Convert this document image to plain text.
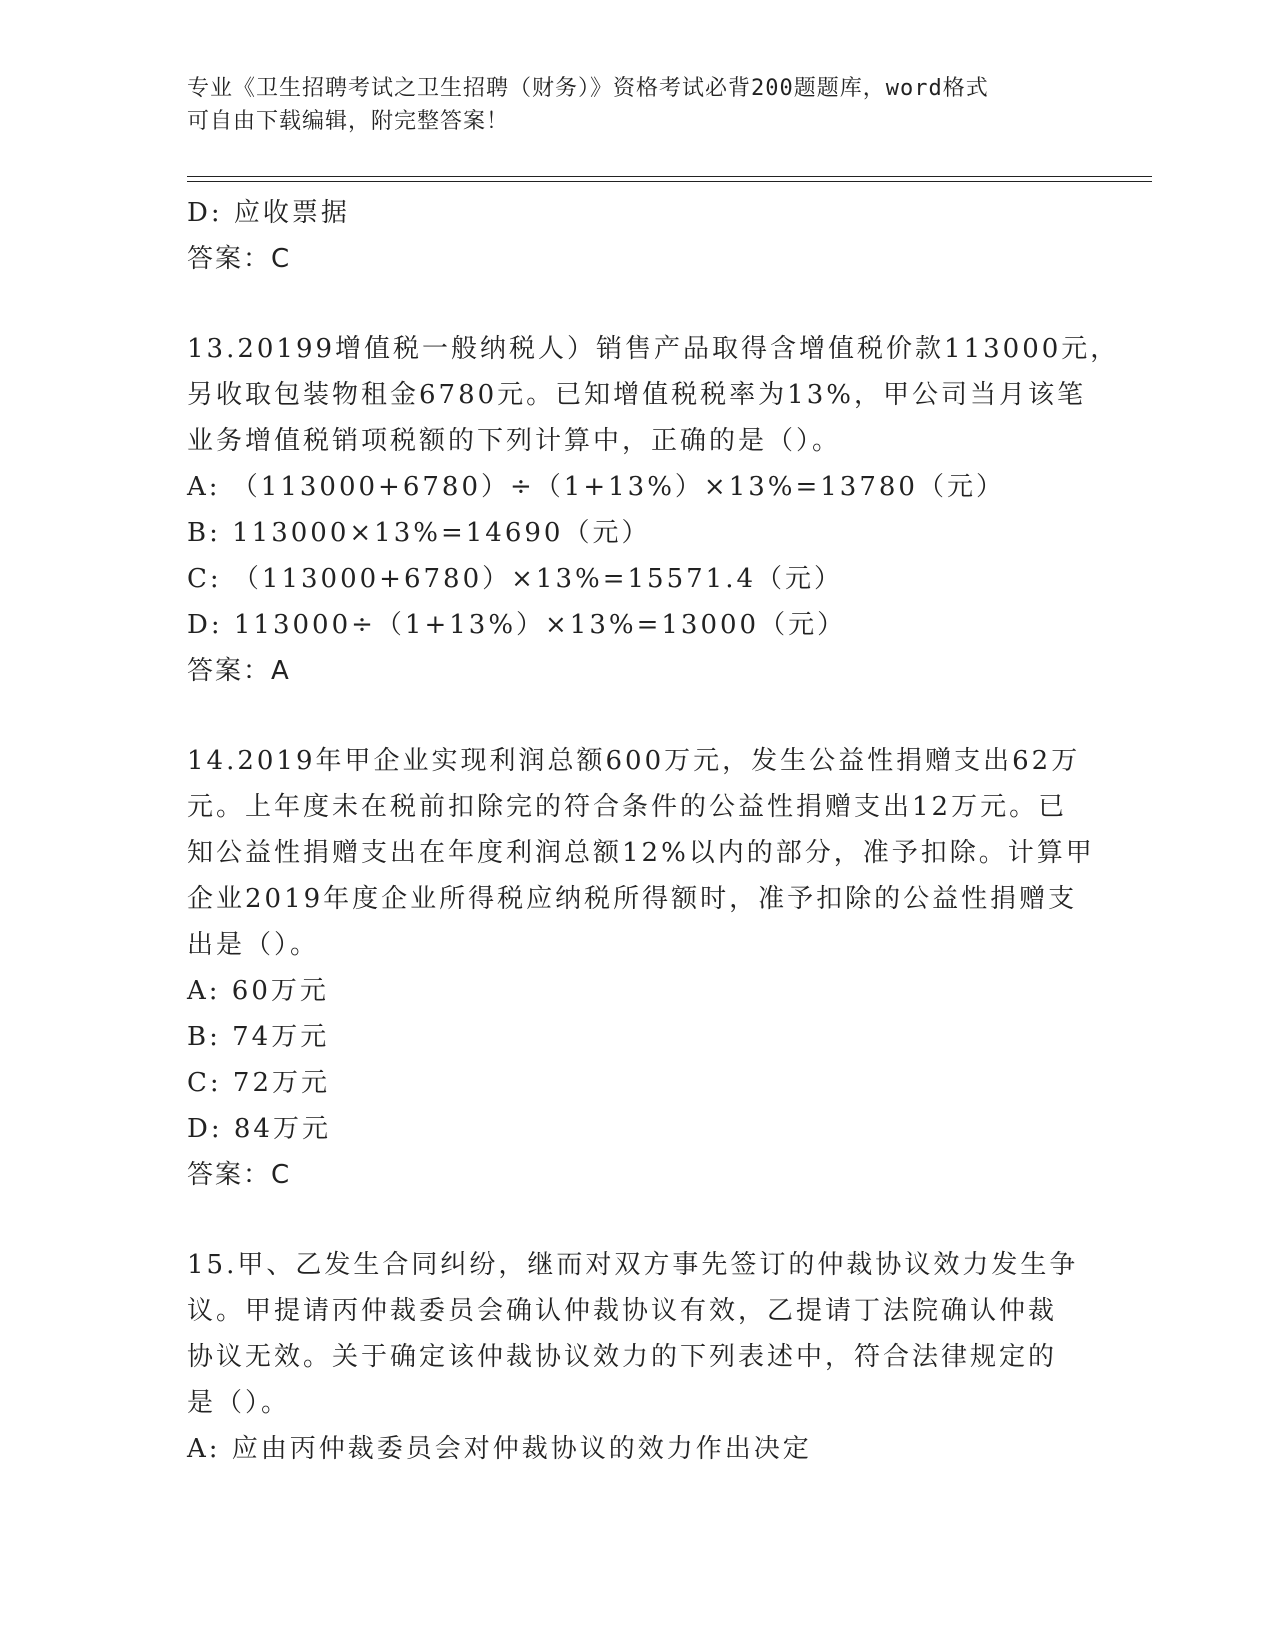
专业《卫生招聘考试之卫生招聘（财务）》资格考试必背200题题库，word格式
可自由下载编辑，附完整答案！
D: 应收票据
答案：C
13.20199增值税一般纳税人）销售产品取得含增值税价款113000元，
另收取包装物租金6780元。已知增值税税率为13%，甲公司当月该笔
业务增值税销项税额的下列计算中，正确的是（）。
A: （113000+6780）÷（1+13%）×13%=13780（元）
B: 113000×13%=14690（元）
C: （113000+6780）×13%=15571.4（元）
D: 113000÷（1+13%）×13%=13000（元）
答案：A
14.2019年甲企业实现利润总额600万元，发生公益性捐赠支出62万
元。上年度未在税前扣除完的符合条件的公益性捐赠支出12万元。已
知公益性捐赠支出在年度利润总额12%以内的部分，准予扣除。计算甲
企业2019年度企业所得税应纳税所得额时，准予扣除的公益性捐赠支
出是（）。
A: 60万元
B: 74万元
C: 72万元
D: 84万元
答案：C
15.甲、乙发生合同纠纷，继而对双方事先签订的仲裁协议效力发生争
议。甲提请丙仲裁委员会确认仲裁协议有效，乙提请丁法院确认仲裁
协议无效。关于确定该仲裁协议效力的下列表述中，符合法律规定的
是（）。
A: 应由丙仲裁委员会对仲裁协议的效力作出决定
